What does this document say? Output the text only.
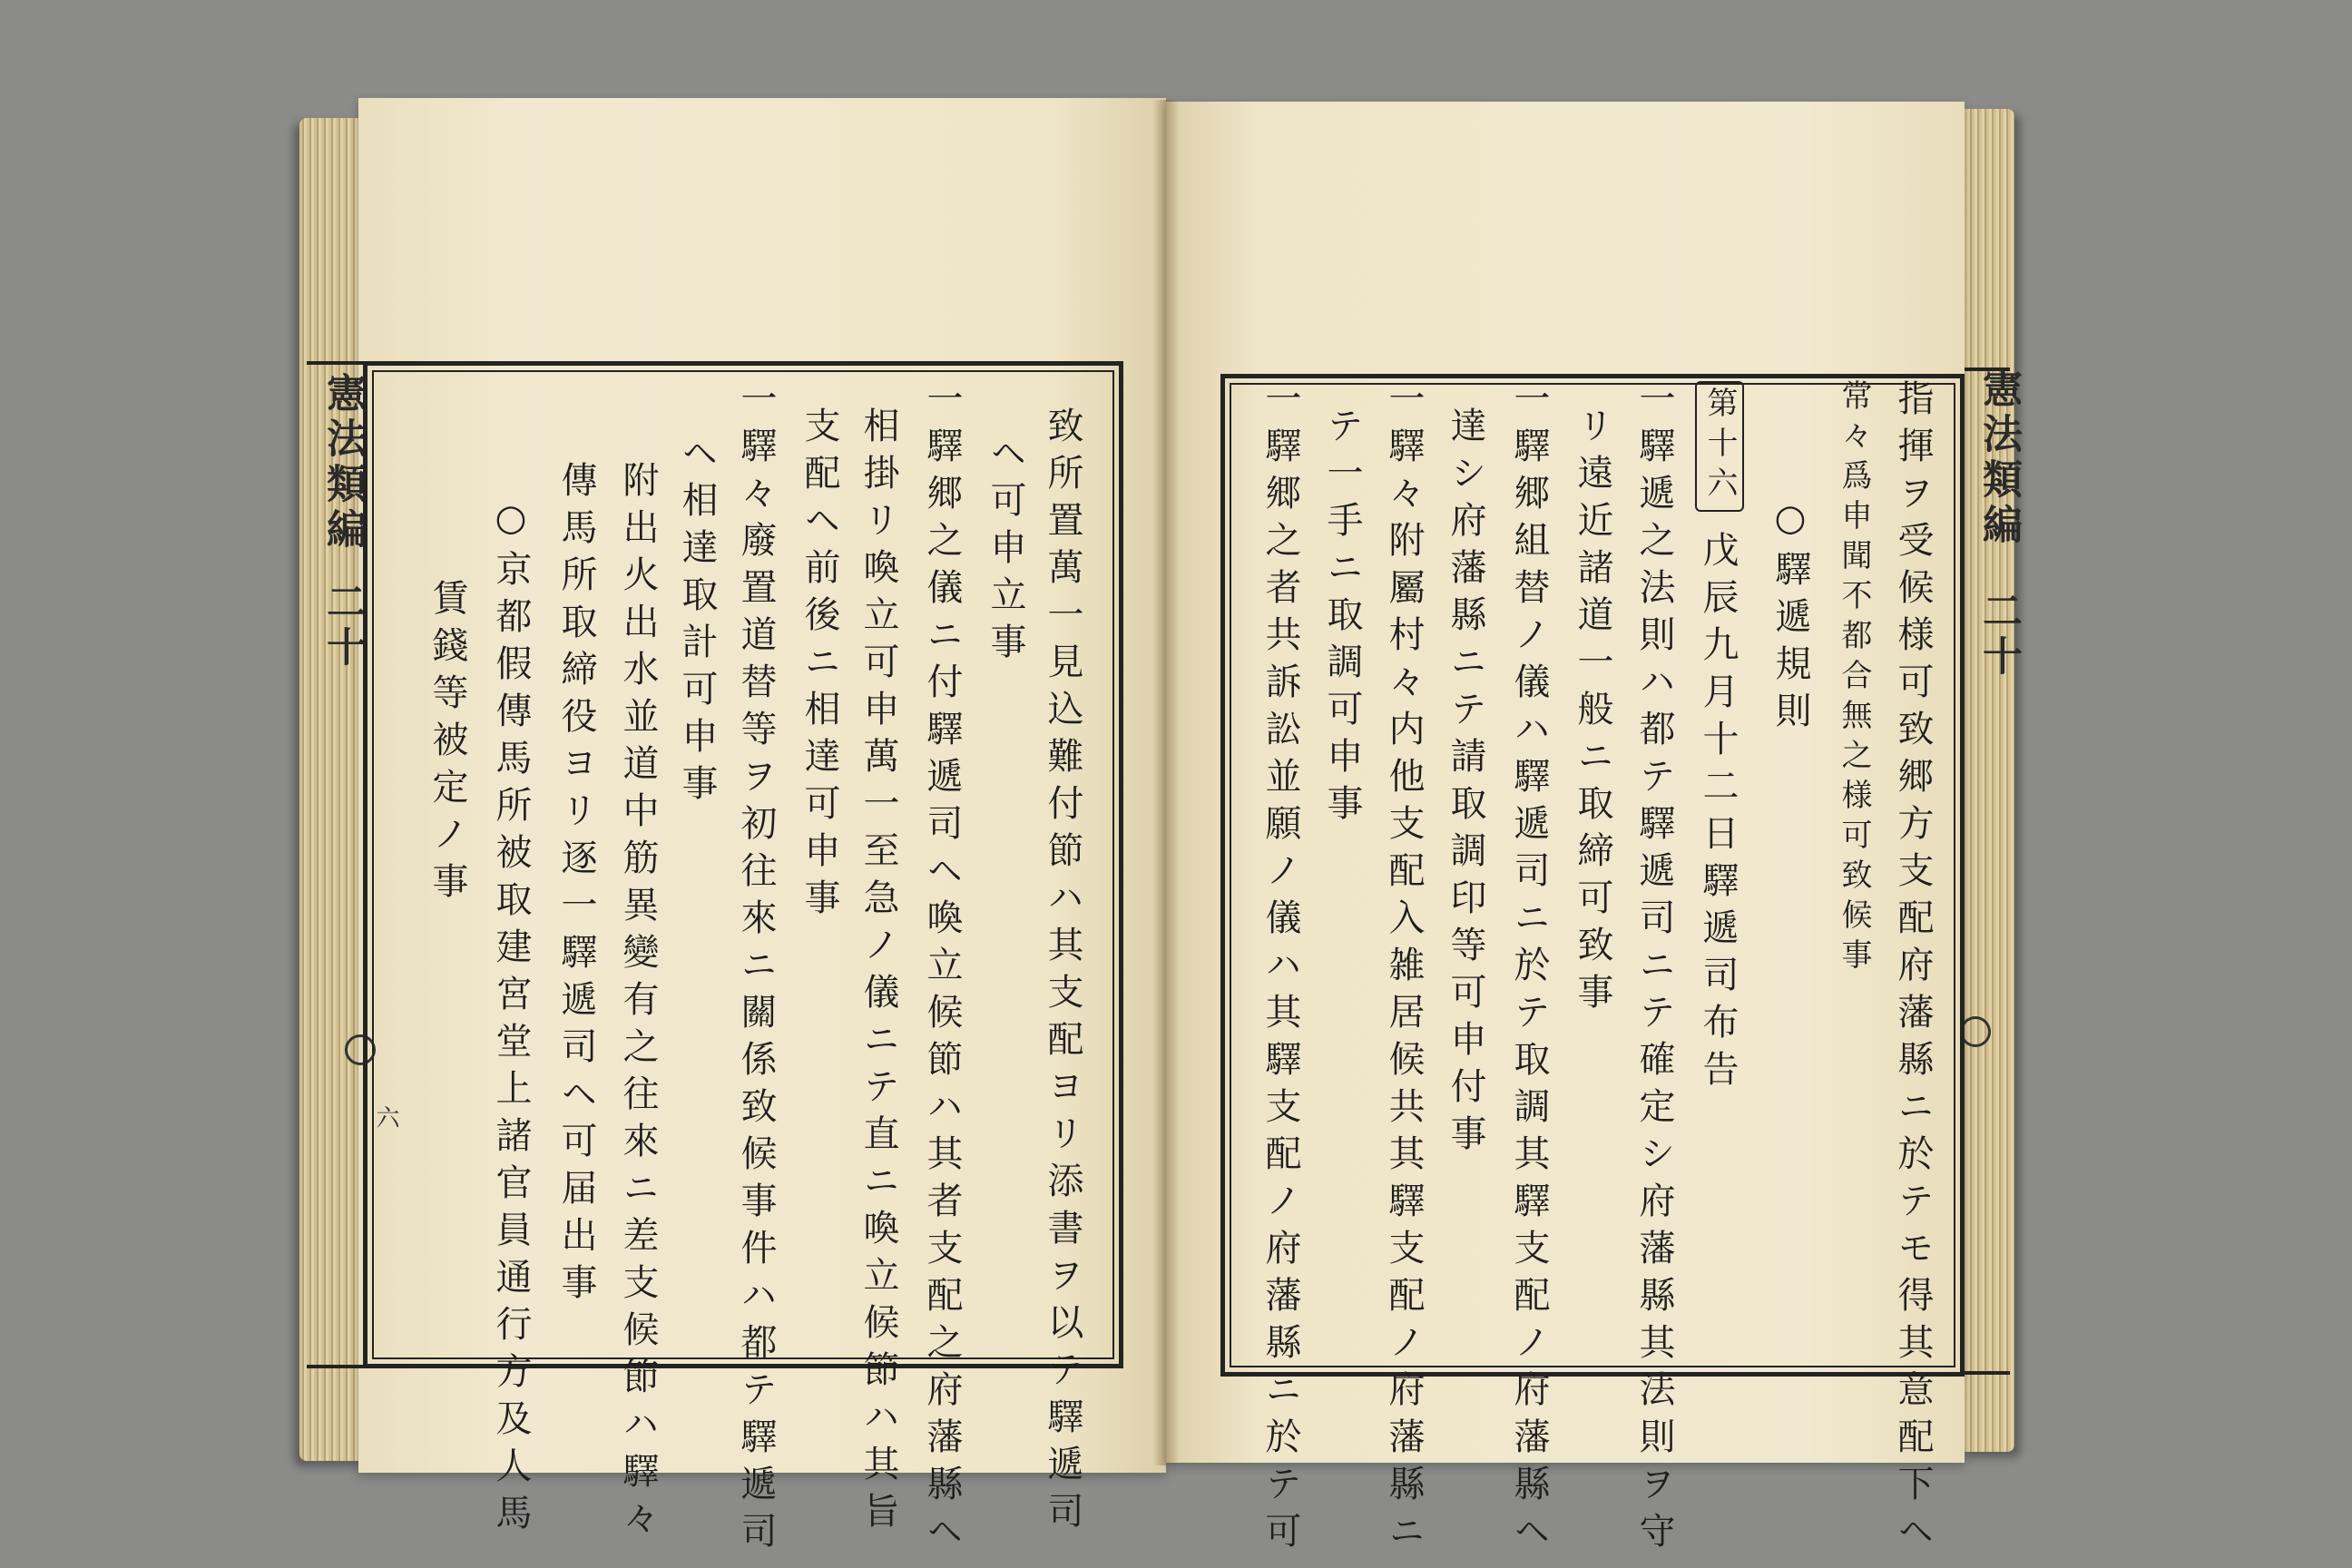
憲法類編
二十
六
憲法類編
二十
致所置萬一見込難付節ハ其支配ヨリ添書ヲ以テ驛遞司
ヘ可申立事
一驛郷之儀ニ付驛遞司ヘ喚立候節ハ其者支配之府藩縣ヘ
相掛リ喚立可申萬一至急ノ儀ニテ直ニ喚立候節ハ其旨
支配ヘ前後ニ相達可申事
一驛々廢置道替等ヲ初往來ニ關係致候事件ハ都テ驛遞司
ヘ相達取計可申事
附出火出水並道中筋異變有之往來ニ差支候節ハ驛々
傳馬所取締役ヨリ逐一驛遞司ヘ可届出事
○京都假傳馬所被取建宮堂上諸官員通行方及人馬
賃錢等被定ノ事	指揮ヲ受候様可致郷方支配府藩縣ニ於テモ得其意配下ヘ
常々爲申聞不都合無之様可致候事
○驛遞規則
第十六
戊辰九月十二日驛遞司布告
一驛遞之法則ハ都テ驛遞司ニテ確定シ府藩縣其法則ヲ守
リ遠近諸道一般ニ取締可致事
一驛郷組替ノ儀ハ驛遞司ニ於テ取調其驛支配ノ府藩縣ヘ
達シ府藩縣ニテ請取調印等可申付事
一驛々附屬村々内他支配入雑居候共其驛支配ノ府藩縣ニ
テ一手ニ取調可申事
一驛郷之者共訴訟並願ノ儀ハ其驛支配ノ府藩縣ニ於テ可
